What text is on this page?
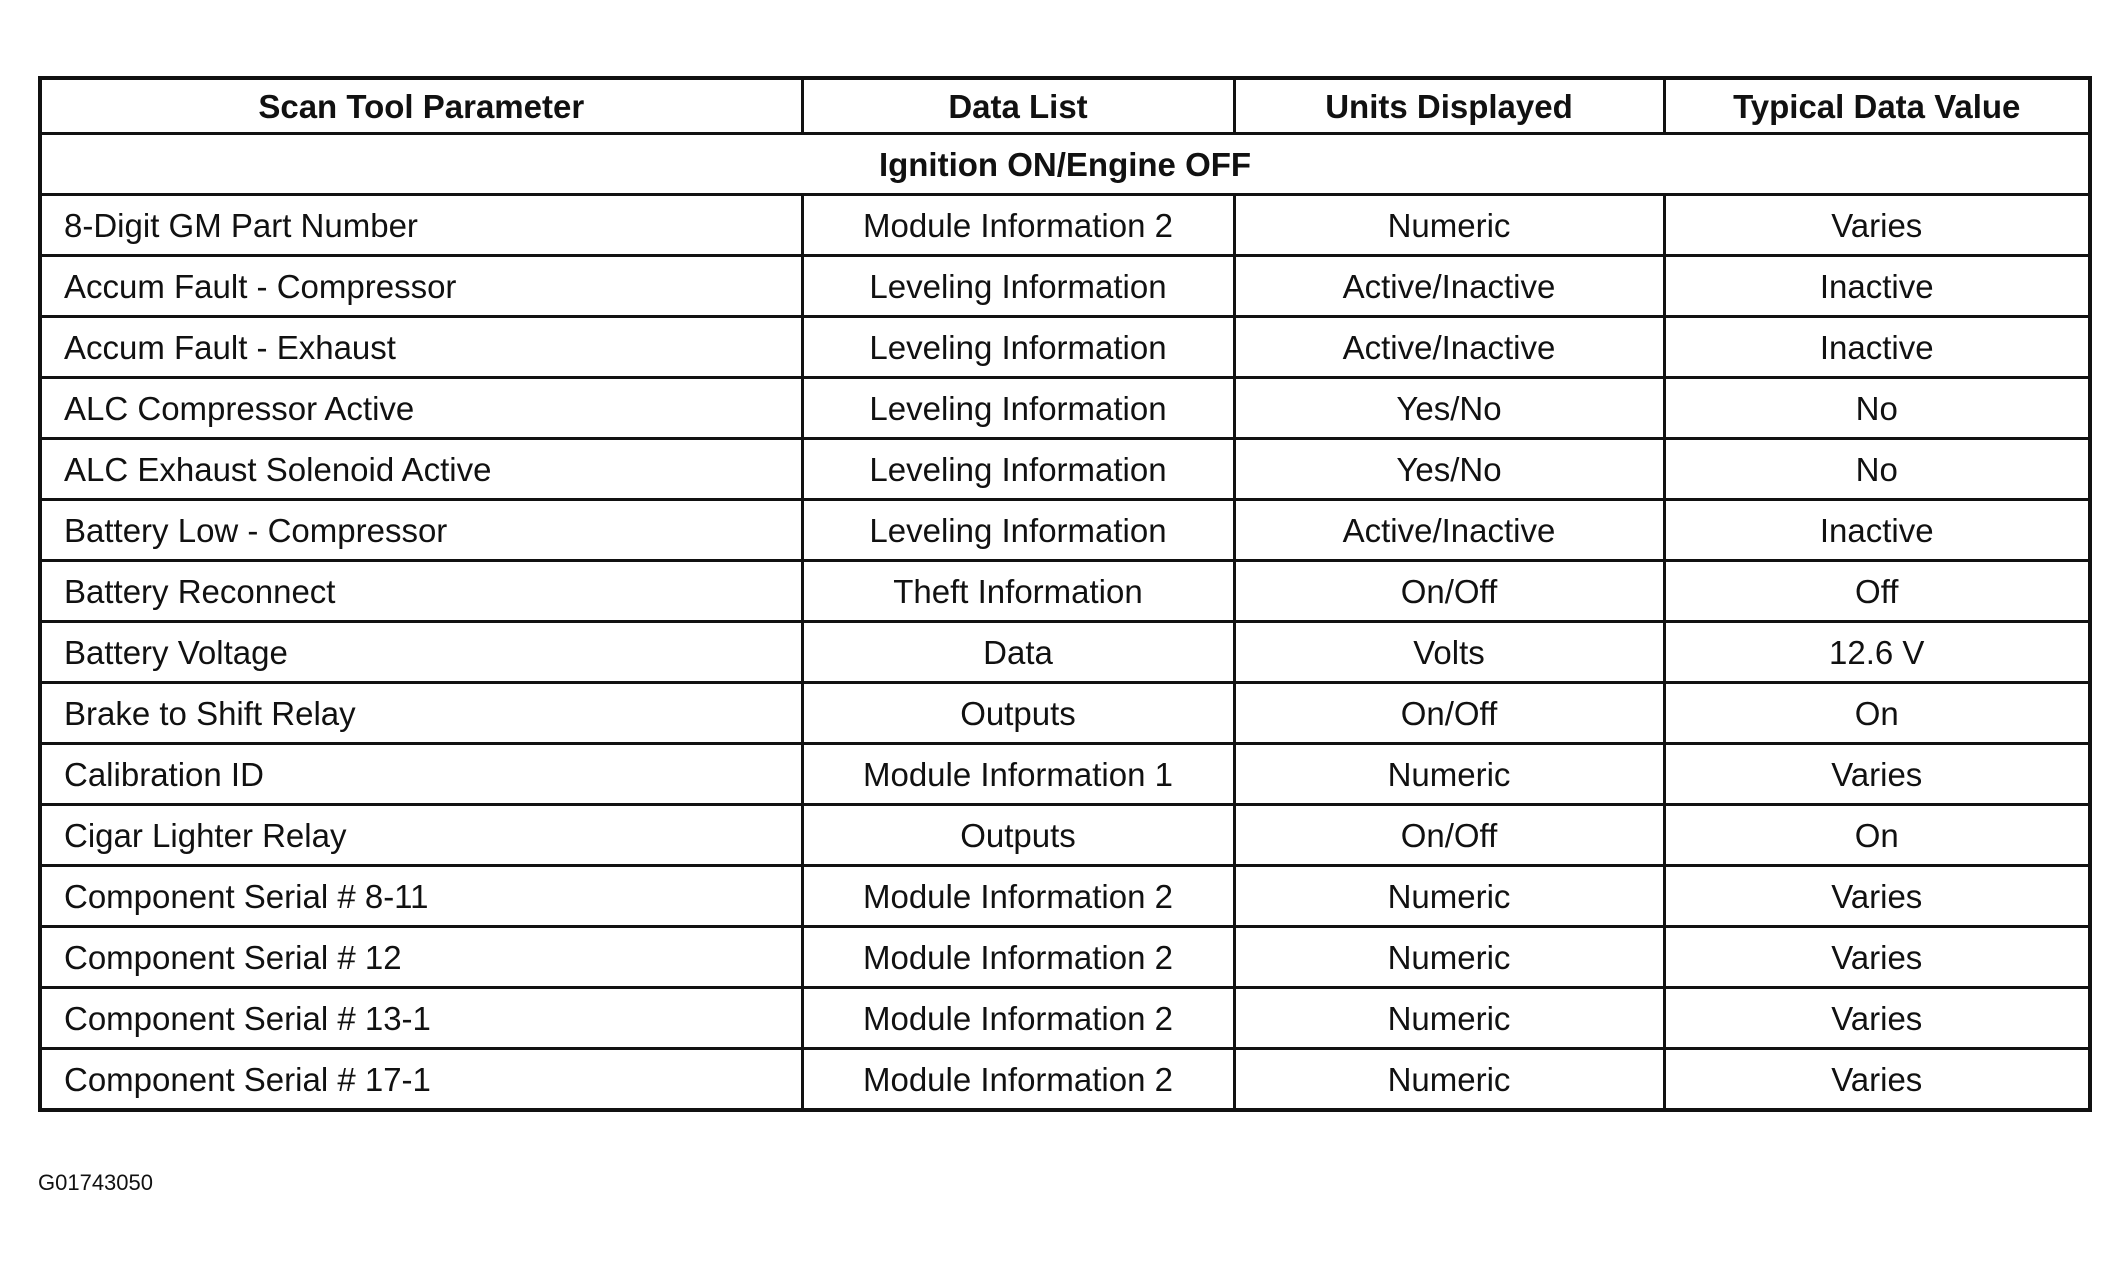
Scan Tool Parameter	Data List	Units Displayed	Typical Data Value
Ignition ON/Engine OFF			
8-Digit GM Part Number	Module Information 2	Numeric	Varies
Accum Fault - Compressor	Leveling Information	Active/Inactive	Inactive
Accum Fault - Exhaust	Leveling Information	Active/Inactive	Inactive
ALC Compressor Active	Leveling Information	Yes/No	No
ALC Exhaust Solenoid Active	Leveling Information	Yes/No	No
Battery Low - Compressor	Leveling Information	Active/Inactive	Inactive
Battery Reconnect	Theft Information	On/Off	Off
Battery Voltage	Data	Volts	12.6 V
Brake to Shift Relay	Outputs	On/Off	On
Calibration ID	Module Information 1	Numeric	Varies
Cigar Lighter Relay	Outputs	On/Off	On
Component Serial # 8-11	Module Information 2	Numeric	Varies
Component Serial # 12	Module Information 2	Numeric	Varies
Component Serial # 13-1	Module Information 2	Numeric	Varies
Component Serial # 17-1	Module Information 2	Numeric	Varies
G01743050
